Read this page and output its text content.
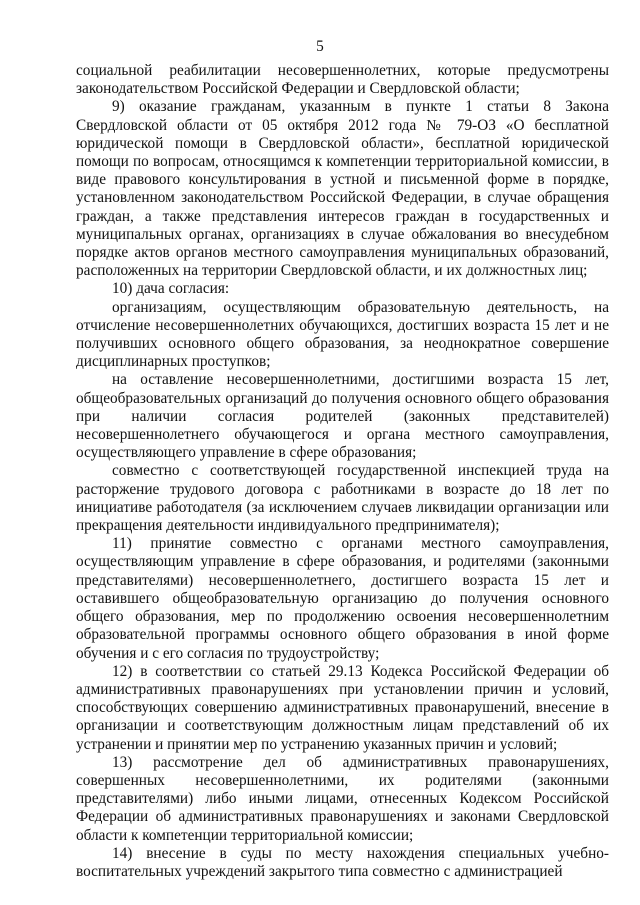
5

социальной реабилитации несовершеннолетних, которые предусмотрены законодательством Российской Федерации и Свердловской области;

9) оказание гражданам, указанным в пункте 1 статьи 8 Закона Свердловской области от 05 октября 2012 года № 79-ОЗ «О бесплатной юридической помощи в Свердловской области», бесплатной юридической помощи по вопросам, относящимся к компетенции территориальной комиссии, в виде правового консультирования в устной и письменной форме в порядке, установленном законодательством Российской Федерации, в случае обращения граждан, а также представления интересов граждан в государственных и муниципальных органах, организациях в случае обжалования во внесудебном порядке актов органов местного самоуправления муниципальных образований, расположенных на территории Свердловской области, и их должностных лиц;

10) дача согласия:

организациям, осуществляющим образовательную деятельность, на отчисление несовершеннолетних обучающихся, достигших возраста 15 лет и не получивших основного общего образования, за неоднократное совершение дисциплинарных проступков;

на оставление несовершеннолетними, достигшими возраста 15 лет, общеобразовательных организаций до получения основного общего образования при наличии согласия родителей (законных представителей) несовершеннолетнего обучающегося и органа местного самоуправления, осуществляющего управление в сфере образования;

совместно с соответствующей государственной инспекцией труда на расторжение трудового договора с работниками в возрасте до 18 лет по инициативе работодателя (за исключением случаев ликвидации организации или прекращения деятельности индивидуального предпринимателя);

11) принятие совместно с органами местного самоуправления, осуществляющим управление в сфере образования, и родителями (законными представителями) несовершеннолетнего, достигшего возраста 15 лет и оставившего общеобразовательную организацию до получения основного общего образования, мер по продолжению освоения несовершеннолетним образовательной программы основного общего образования в иной форме обучения и с его согласия по трудоустройству;

12) в соответствии со статьей 29.13 Кодекса Российской Федерации об административных правонарушениях при установлении причин и условий, способствующих совершению административных правонарушений, внесение в организации и соответствующим должностным лицам представлений об их устранении и принятии мер по устранению указанных причин и условий;

13) рассмотрение дел об административных правонарушениях, совершенных несовершеннолетними, их родителями (законными представителями) либо иными лицами, отнесенных Кодексом Российской Федерации об административных правонарушениях и законами Свердловской области к компетенции территориальной комиссии;

14) внесение в суды по месту нахождения специальных учебно-воспитательных учреждений закрытого типа совместно с администрацией
